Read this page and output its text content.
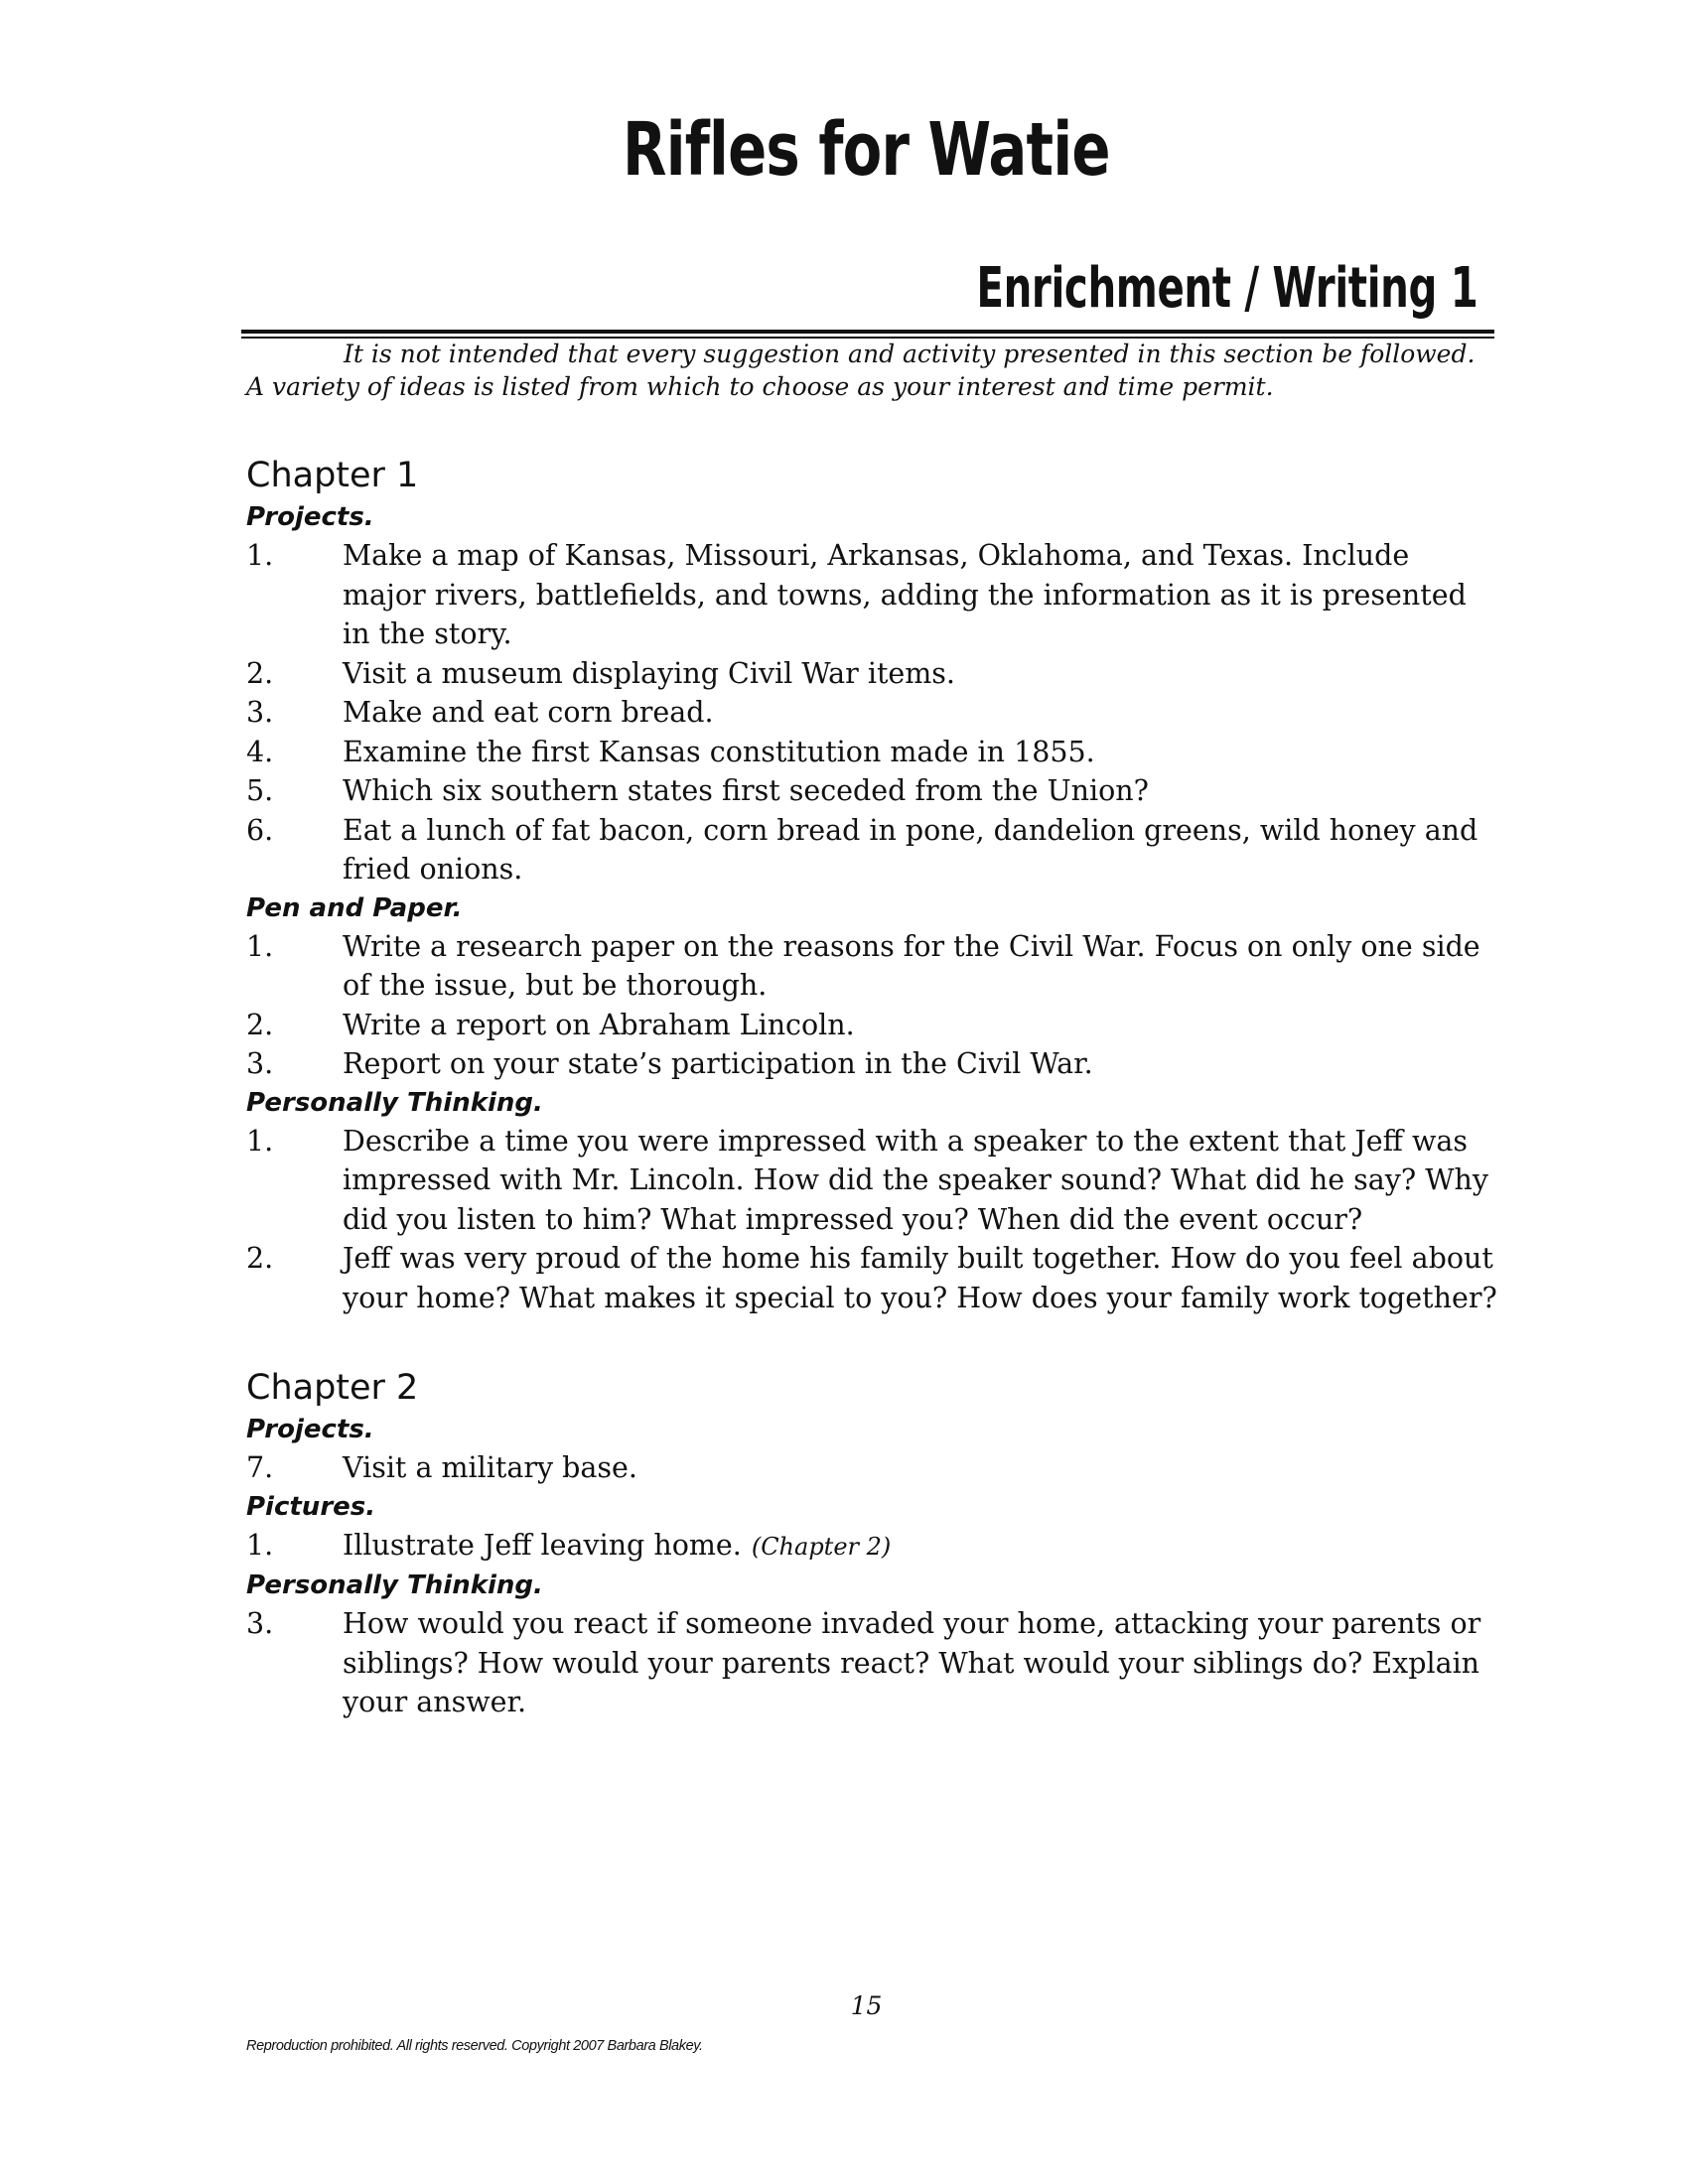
Rifles for Watie
Enrichment / Writing 1

It is not intended that every suggestion and activity presented in this section be followed. A variety of ideas is listed from which to choose as your interest and time permit.

Chapter 1
Projects.
1. Make a map of Kansas, Missouri, Arkansas, Oklahoma, and Texas. Include major rivers, battlefields, and towns, adding the information as it is presented in the story.
2. Visit a museum displaying Civil War items.
3. Make and eat corn bread.
4. Examine the first Kansas constitution made in 1855.
5. Which six southern states first seceded from the Union?
6. Eat a lunch of fat bacon, corn bread in pone, dandelion greens, wild honey and fried onions.
Pen and Paper.
1. Write a research paper on the reasons for the Civil War. Focus on only one side of the issue, but be thorough.
2. Write a report on Abraham Lincoln.
3. Report on your state’s participation in the Civil War.
Personally Thinking.
1. Describe a time you were impressed with a speaker to the extent that Jeff was impressed with Mr. Lincoln. How did the speaker sound? What did he say? Why did you listen to him? What impressed you? When did the event occur?
2. Jeff was very proud of the home his family built together. How do you feel about your home? What makes it special to you? How does your family work together?
Chapter 2
Projects.
7. Visit a military base.
Pictures.
1. Illustrate Jeff leaving home. (Chapter 2)
Personally Thinking.
3. How would you react if someone invaded your home, attacking your parents or siblings? How would your parents react? What would your siblings do? Explain your answer.
15
Reproduction prohibited. All rights reserved. Copyright 2007 Barbara Blakey.
